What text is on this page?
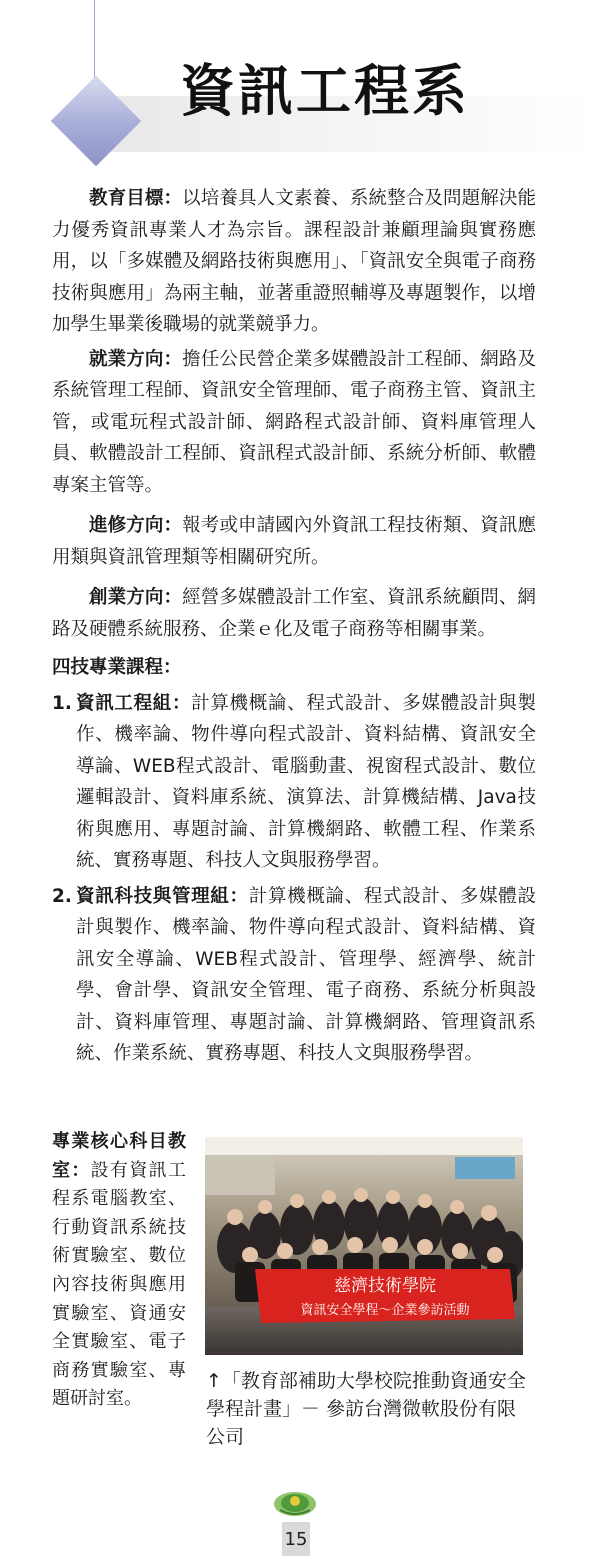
資訊工程系

教育目標：以培養具人文素養、系統整合及問題解決能力優秀資訊專業人才為宗旨。課程設計兼顧理論與實務應用，以「多媒體及網路技術與應用」、「資訊安全與電子商務技術與應用」為兩主軸，並著重證照輔導及專題製作，以增加學生畢業後職場的就業競爭力。

就業方向：擔任公民營企業多媒體設計工程師、網路及系統管理工程師、資訊安全管理師、電子商務主管、資訊主管，或電玩程式設計師、網路程式設計師、資料庫管理人員、軟體設計工程師、資訊程式設計師、系統分析師、軟體專案主管等。

進修方向：報考或申請國內外資訊工程技術類、資訊應用類與資訊管理類等相關研究所。

創業方向：經營多媒體設計工作室、資訊系統顧問、網路及硬體系統服務、企業ｅ化及電子商務等相關事業。

四技專業課程：

1. 資訊工程組：計算機概論、程式設計、多媒體設計與製作、機率論、物件導向程式設計、資料結構、資訊安全導論、WEB程式設計、電腦動畫、視窗程式設計、數位邏輯設計、資料庫系統、演算法、計算機結構、Java技術與應用、專題討論、計算機網路、軟體工程、作業系統、實務專題、科技人文與服務學習。
2. 資訊科技與管理組：計算機概論、程式設計、多媒體設計與製作、機率論、物件導向程式設計、資料結構、資訊安全導論、WEB程式設計、管理學、經濟學、統計學、會計學、資訊安全管理、電子商務、系統分析與設計、資料庫管理、專題討論、計算機網路、管理資訊系統、作業系統、實務專題、科技人文與服務學習。
專業核心科目教室：設有資訊工程系電腦教室、行動資訊系統技術實驗室、數位內容技術與應用實驗室、資通安全實驗室、電子商務實驗室、專題研討室。
慈濟技術學院
資訊安全學程～企業參訪活動
↑「教育部補助大學校院推動資通安全學程計畫」－ 參訪台灣微軟股份有限公司
15
